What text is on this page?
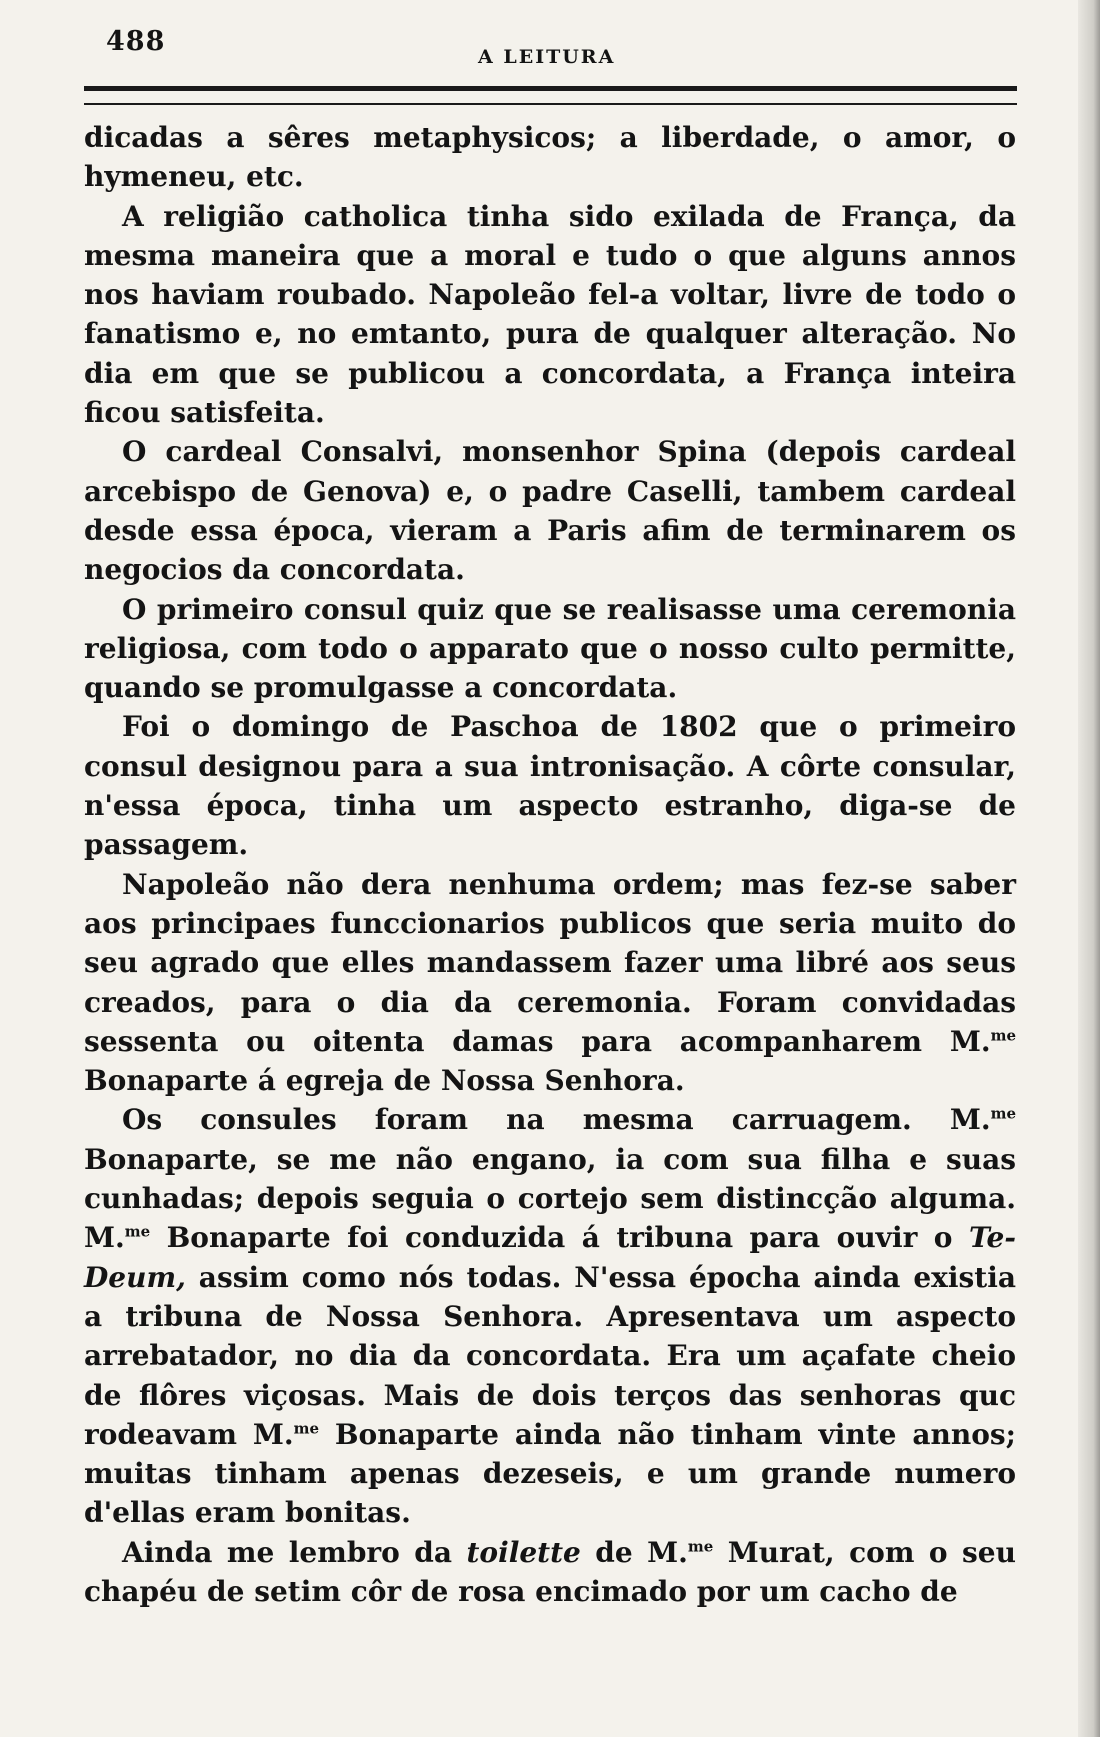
488	A LEITURA

dicadas a sêres metaphysicos; a liberdade, o amor, o hymeneu, etc.

A religião catholica tinha sido exilada de França, da mesma maneira que a moral e tudo o que alguns annos nos haviam roubado. Napoleão fel-a voltar, livre de todo o fanatismo e, no emtanto, pura de qualquer alteração. No dia em que se publicou a concordata, a França inteira ficou satisfeita.

O cardeal Consalvi, monsenhor Spina (depois cardeal arcebispo de Genova) e, o padre Caselli, tambem cardeal desde essa época, vieram a Paris afim de terminarem os negocios da concordata.

O primeiro consul quiz que se realisasse uma ceremonia religiosa, com todo o apparato que o nosso culto permitte, quando se promulgasse a concordata.

Foi o domingo de Paschoa de 1802 que o primeiro consul designou para a sua intronisação. A côrte consular, n'essa época, tinha um aspecto estranho, diga-se de passagem.

Napoleão não dera nenhuma ordem; mas fez-se saber aos principaes funccionarios publicos que seria muito do seu agrado que elles mandassem fazer uma libré aos seus creados, para o dia da ceremonia. Foram convidadas sessenta ou oitenta damas para acompanharem M.$^{me}$ Bonaparte á egreja de Nossa Senhora.

Os consules foram na mesma carruagem. M.$^{me}$ Bonaparte, se me não engano, ia com sua filha e suas cunhadas; depois seguia o cortejo sem distincção alguma. M.$^{me}$ Bonaparte foi conduzida á tribuna para ouvir o Te-Deum, assim como nós todas. N'essa épocha ainda existia a tribuna de Nossa Senhora. Apresentava um aspecto arrebatador, no dia da concordata. Era um açafate cheio de flôres viçosas. Mais de dois terços das senhoras quc rodeavam M.$^{me}$ Bonaparte ainda não tinham vinte annos; muitas tinham apenas dezeseis, e um grande numero d'ellas eram bonitas.

Ainda me lembro da toilette de M.$^{me}$ Murat, com o seu chapéu de setim côr de rosa encimado por um cacho de
